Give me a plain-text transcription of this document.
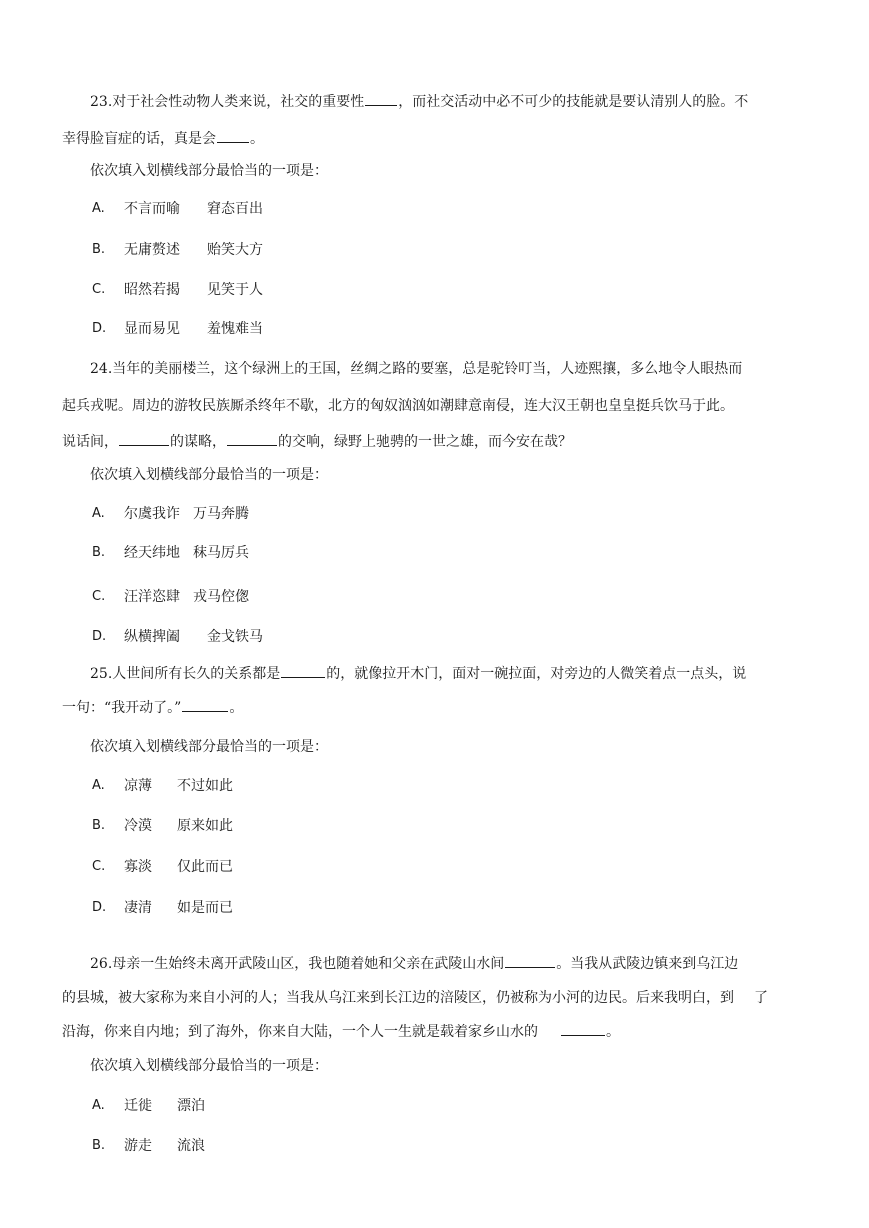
23.对于社会性动物人类来说，社交的重要性 ，而社交活动中必不可少的技能就是要认清别人的脸。不
幸得脸盲症的话，真是会 。
依次填入划横线部分最恰当的一项是：
A. 不言而喻 窘态百出
B. 无庸赘述 贻笑大方
C. 昭然若揭 见笑于人
D. 显而易见 羞愧难当
24.当年的美丽楼兰，这个绿洲上的王国，丝绸之路的要塞，总是驼铃叮当，人迹熙攘，多么地令人眼热而
起兵戎呢。周边的游牧民族厮杀终年不歇，北方的匈奴汹汹如潮肆意南侵，连大汉王朝也皇皇挺兵饮马于此。
说话间，	的谋略，	的交响，绿野上驰骋的一世之雄，而今安在哉？
依次填入划横线部分最恰当的一项是：
A. 尔虞我诈 万马奔腾
B. 经天纬地 秣马厉兵
C. 汪洋恣肆 戎马倥偬
D. 纵横捭阖 金戈铁马
25.人世间所有长久的关系都是	的，就像拉开木门，面对一碗拉面，对旁边的人微笑着点一点头，说
一句：“我开动了。”	。
依次填入划横线部分最恰当的一项是：
A. 凉薄 不过如此
B. 冷漠 原来如此
C. 寡淡 仅此而已
D. 凄清 如是而已
26.母亲一生始终未离开武陵山区，我也随着她和父亲在武陵山水间	。当我从武陵边镇来到乌江边
的县城，被大家称为来自小河的人；当我从乌江来到长江边的涪陵区，仍被称为小河的边民。后来我明白，到 了
沿海，你来自内地；到了海外，你来自大陆，一个人一生就是载着家乡山水的	。
依次填入划横线部分最恰当的一项是：
A. 迁徙 漂泊
B. 游走 流浪
